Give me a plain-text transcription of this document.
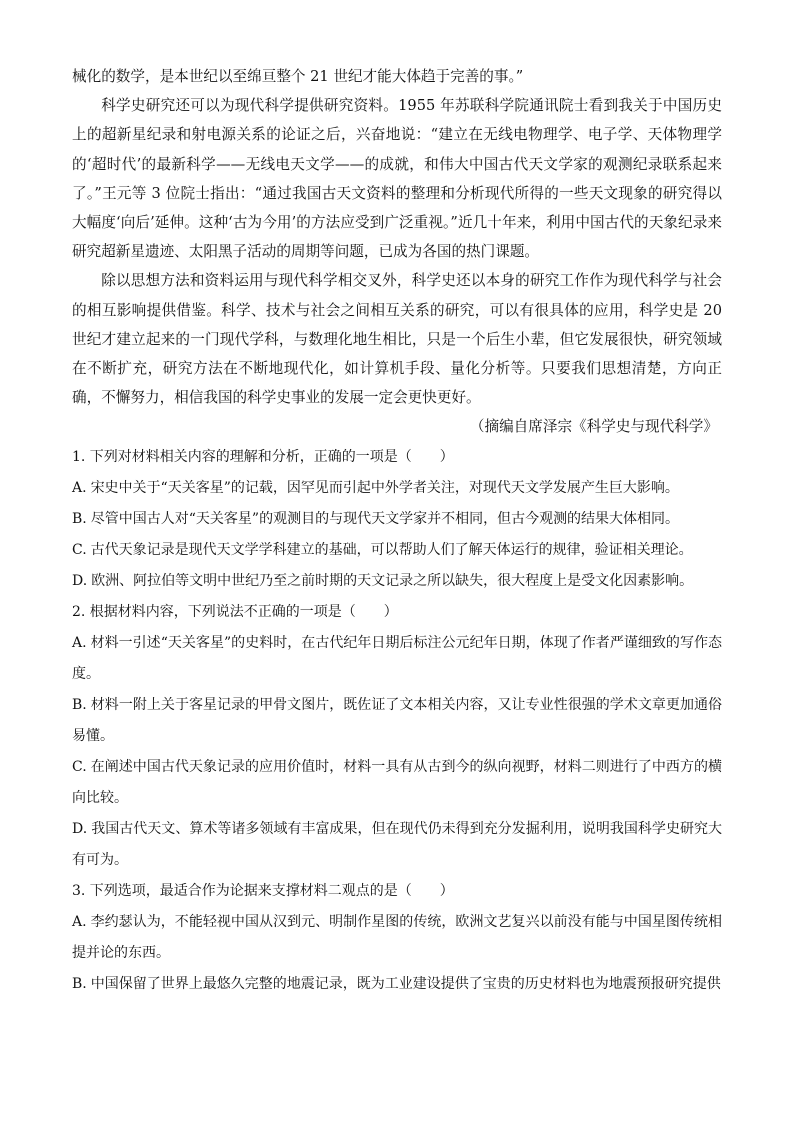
械化的数学，是本世纪以至绵亘整个 21 世纪才能大体趋于完善的事。”

科学史研究还可以为现代科学提供研究资料。1955 年苏联科学院通讯院士看到我关于中国历史上的超新星纪录和射电源关系的论证之后，兴奋地说：“建立在无线电物理学、电子学、天体物理学的‘超时代’的最新科学——无线电天文学——的成就，和伟大中国古代天文学家的观测纪录联系起来了。”王元等 3 位院士指出：“通过我国古天文资料的整理和分析现代所得的一些天文现象的研究得以大幅度‘向后’延伸。这种‘古为今用’的方法应受到广泛重视。”近几十年来，利用中国古代的天象纪录来研究超新星遗迹、太阳黑子活动的周期等问题，已成为各国的热门课题。

除以思想方法和资料运用与现代科学相交叉外，科学史还以本身的研究工作作为现代科学与社会的相互影响提供借鉴。科学、技术与社会之间相互关系的研究，可以有很具体的应用，科学史是 20 世纪才建立起来的一门现代学科，与数理化地生相比，只是一个后生小辈，但它发展很快，研究领域在不断扩充，研究方法在不断地现代化，如计算机手段、量化分析等。只要我们思想清楚，方向正确，不懈努力，相信我国的科学史事业的发展一定会更快更好。

（摘编自席泽宗《科学史与现代科学》

1. 下列对材料相关内容的理解和分析，正确的一项是（　　）

A. 宋史中关于“天关客星”的记载，因罕见而引起中外学者关注，对现代天文学发展产生巨大影响。

B. 尽管中国古人对“天关客星”的观测目的与现代天文学家并不相同，但古今观测的结果大体相同。

C. 古代天象记录是现代天文学学科建立的基础，可以帮助人们了解天体运行的规律，验证相关理论。

D. 欧洲、阿拉伯等文明中世纪乃至之前时期的天文记录之所以缺失，很大程度上是受文化因素影响。

2. 根据材料内容，下列说法不正确的一项是（　　）

A. 材料一引述“天关客星”的史料时，在古代纪年日期后标注公元纪年日期，体现了作者严谨细致的写作态度。

B. 材料一附上关于客星记录的甲骨文图片，既佐证了文本相关内容，又让专业性很强的学术文章更加通俗易懂。

C. 在阐述中国古代天象记录的应用价值时，材料一具有从古到今的纵向视野，材料二则进行了中西方的横向比较。

D. 我国古代天文、算术等诸多领域有丰富成果，但在现代仍未得到充分发掘利用，说明我国科学史研究大有可为。

3. 下列选项，最适合作为论据来支撑材料二观点的是（　　）

A. 李约瑟认为，不能轻视中国从汉到元、明制作星图的传统，欧洲文艺复兴以前没有能与中国星图传统相提并论的东西。

B. 中国保留了世界上最悠久完整的地震记录，既为工业建设提供了宝贵的历史材料也为地震预报研究提供
